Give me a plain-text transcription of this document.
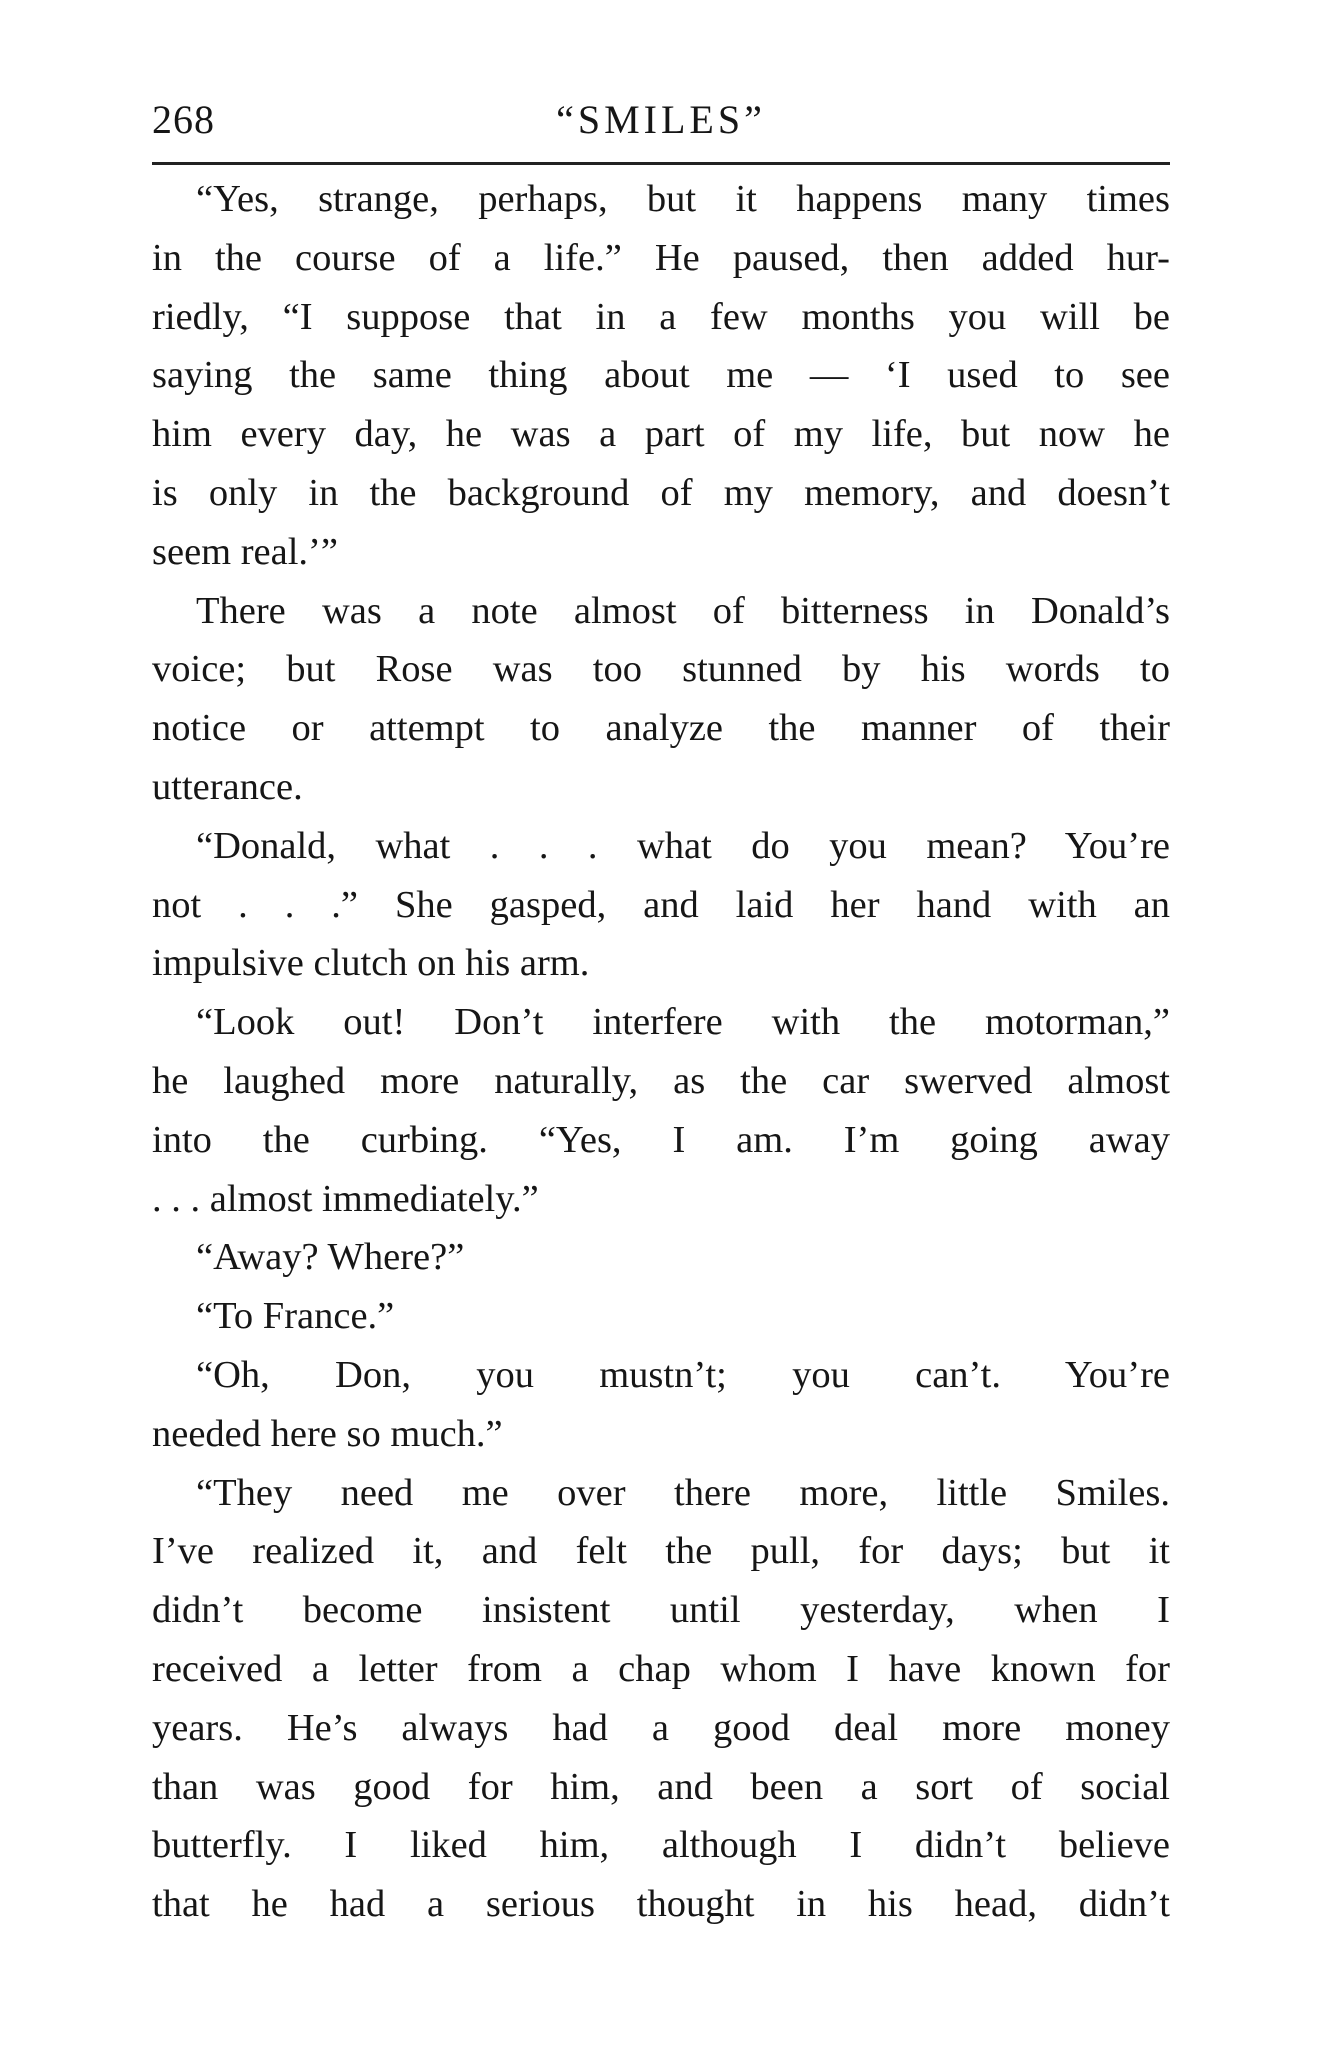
268	“SMILES”
“Yes, strange, perhaps, but it happens many times
in the course of a life.” He paused, then added hur-
riedly, “I suppose that in a few months you will be
saying the same thing about me — ‘I used to see
him every day, he was a part of my life, but now he
is only in the background of my memory, and doesn’t
seem real.’”
There was a note almost of bitterness in Donald’s
voice; but Rose was too stunned by his words to
notice or attempt to analyze the manner of their
utterance.
“Donald, what . . . what do you mean? You’re
not . . .” She gasped, and laid her hand with an
impulsive clutch on his arm.
“Look out! Don’t interfere with the motorman,”
he laughed more naturally, as the car swerved almost
into the curbing. “Yes, I am. I’m going away
. . . almost immediately.”
“Away? Where?”
“To France.”
“Oh, Don, you mustn’t; you can’t. You’re
needed here so much.”
“They need me over there more, little Smiles.
I’ve realized it, and felt the pull, for days; but it
didn’t become insistent until yesterday, when I
received a letter from a chap whom I have known for
years. He’s always had a good deal more money
than was good for him, and been a sort of social
butterfly. I liked him, although I didn’t believe
that he had a serious thought in his head, didn’t
